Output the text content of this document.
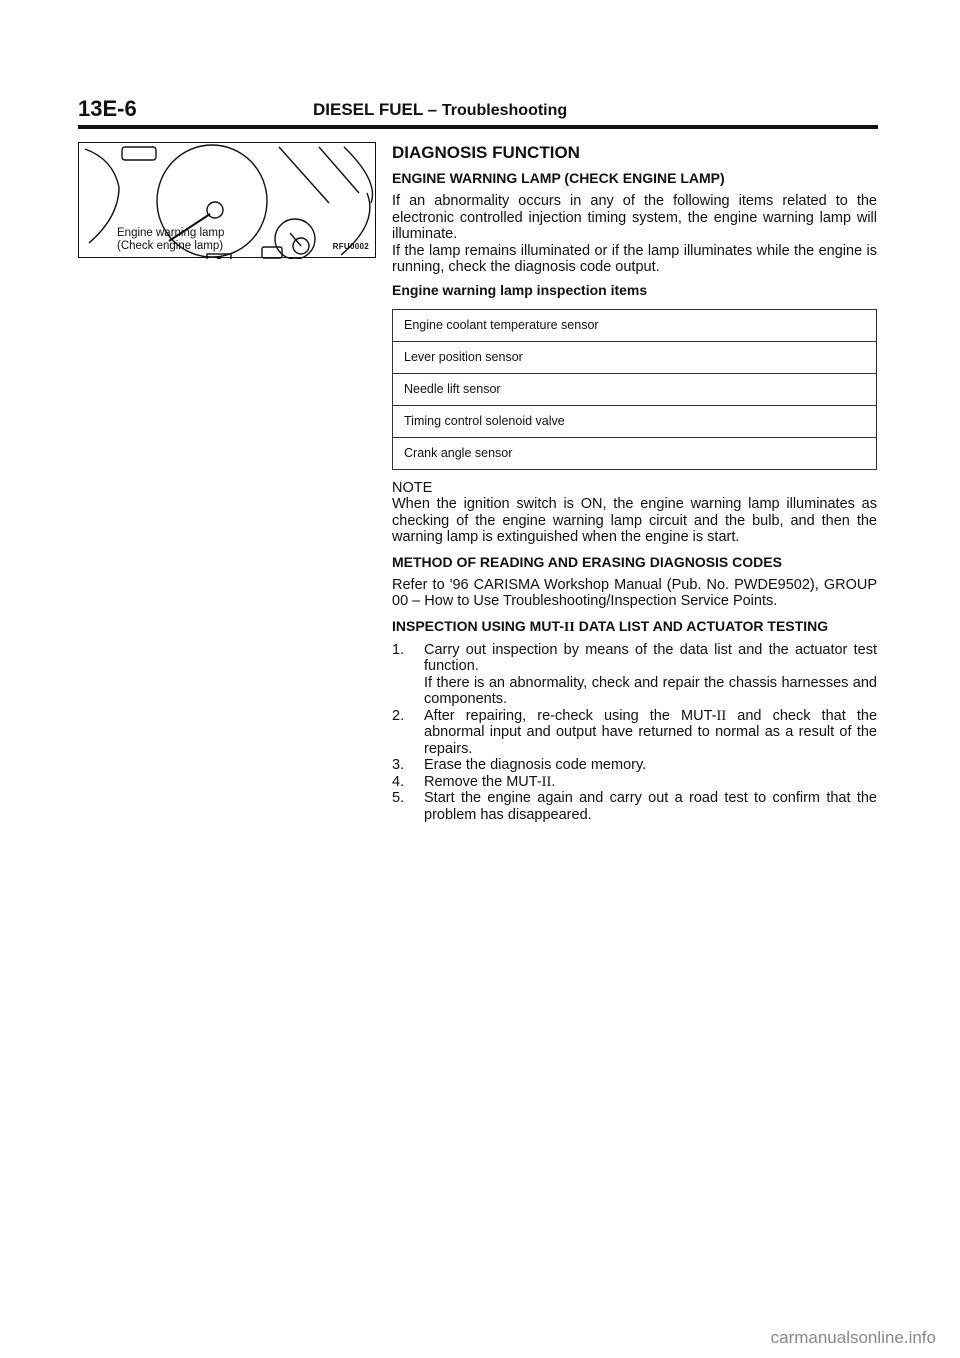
13E-6	DIESEL FUEL – Troubleshooting
Engine warning lamp
(Check engine lamp)	RFU0002
DIAGNOSIS FUNCTION
ENGINE WARNING LAMP (CHECK ENGINE LAMP)

If an abnormality occurs in any of the following items related to the electronic controlled injection timing system, the engine warning lamp will illuminate.

If the lamp remains illuminated or if the lamp illuminates while the engine is running, check the diagnosis code output.

Engine warning lamp inspection items
Engine coolant temperature sensor
Lever position sensor
Needle lift sensor
Timing control solenoid valve
Crank angle sensor

NOTE

When the ignition switch is ON, the engine warning lamp illuminates as checking of the engine warning lamp circuit and the bulb, and then the warning lamp is extinguished when the engine is start.

METHOD OF READING AND ERASING DIAGNOSIS CODES

Refer to '96 CARISMA Workshop Manual (Pub. No. PWDE9502), GROUP 00 – How to Use Troubleshooting/Inspection Service Points.

INSPECTION USING MUT-II DATA LIST AND ACTUATOR TESTING
1. Carry out inspection by means of the data list and the actuator test function.
If there is an abnormality, check and repair the chassis harnesses and components.
2. After repairing, re-check using the MUT-II and check that the abnormal input and output have returned to normal as a result of the repairs.
3. Erase the diagnosis code memory.
4. Remove the MUT-II.
5. Start the engine again and carry out a road test to confirm that the problem has disappeared.
carmanualsonline.info
